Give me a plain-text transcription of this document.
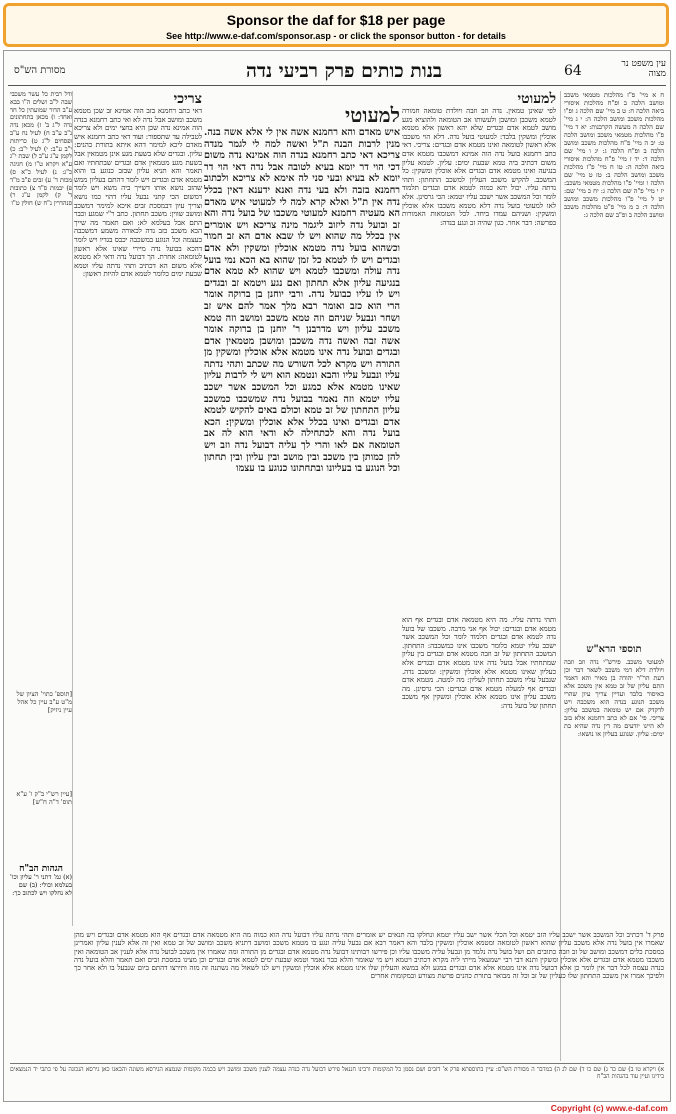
Sponsor the daf for $18 per page
See http://www.e-daf.com/sponsor.asp - or click the sponsor button - for details
מסורת הש"ס	בנות כותים פרק רביעי נדה	64	עין משפט נר מצוה
ח א מיי' פ"ז מהלכות מטמאי משכב ומושב הלכה ב ופ"ח מהלכות איסורי ביאה הלכה ח: ט ב מיי' שם הלכה ג ופ"ו מהלכות משכב ומושב הלכה ה: י ג מיי' שם הלכה ה מעשה הקרבנות: יא ד מיי' פ"ו מהלכות מטמאי משכב ומושב הלכה ט: יב ה מיי' פ"ח מהלכות משכב ומושב הלכה ב ופ"ח הלכה ג: יג ו מיי' שם הלכה ד: יד ז מיי' פ"ח מהלכות איסורי ביאה הלכה ה: טו ח מיי' פ"ז מהלכות משכב ומושב הלכה ב: טז ט מיי' שם הלכה ו ומיי' פ"ו מהלכות מטמאי משכב: יז י מיי' פ"ה שם הלכה ג: יח כ מיי' שם: יט ל מיי' פ"ו מהלכות משכב ומושב הלכה ד: כ מ מיי' פ"ט מהלכות משכב ומושב הלכה ב ופ"ב שם הלכה ג:
למעוטי
לפי שאינן טמאין. נדה וזב וזבה ויולדת טומאה חמורה לטמא משכבן ומושבן ולעשותו אב הטומאה ולהוציא מגע מושב לטמא אדם ובגדים שלא יהא ראשון אלא מטמא אוכלין ומשקין בלבד: למעוטי בועל נדה. דלא הוי משכבו אלא ראשון לטומאה ואינו מטמא אדם ובגדים: צריכי. דאי כתב רחמנא בועל נדה הוה אמינא דמשכבו מטמא אדם משום דכתיב ביה טמא שבעת ימים: עליון. לטמא עליון בנגיעה ואינו מטמא אדם ובגדים אלא אוכלין ומשקין: כל המשכב. להקיש משכב העליון למשכב התחתון: ותהי נדתה עליו. יכול יהא כמוה לטמא אדם ובגדים תלמוד לומר וכל המשכב אשר ישכב עליו יטמא: הכי גרסינן. אלא לאו למעוטי בועל נדה דלא מטמא משכבו אלא אוכלין ומשקין: ושניהם עמדו ביחד. לכל הטומאות האמורות בפרשה: דבר אחר. כגון שהיה זב ונגע בנדה:
ותהי נדתה עליו. מה היא מטמאה אדם ובגדים אף הוא מטמא אדם ובגדים: יכול אף אני מרבה. משכבו של בועל נדה לטמא אדם ובגדים תלמוד לומר וכל המשכב אשר ישכב עליו יטמא כלומר משכבו אינו כמשכבה: התחתון. המשכב התחתון של זב וזבה מטמא אדם ובגדים בין עליון שמתחתיו אבל בועל נדה אינו מטמא אדם ובגדים אלא כעליון שאינו מטמא אלא אוכלין ומשקין: ומשכב נדה. שנבעל עליו משכב תחתון לעליון: מה למטה. מטמא אדם ובגדים אף למעלה מטמא אדם ובגדים: הכי גרסינן. מה משכב עליון אינו מטמא אלא אוכלין ומשקין אף משכב תחתון של בועל נדה:
למעוטי
איש מאדם והא רחמנא אשה אין לי אלא אשה בנה. מנין לרבות הבנה ת"ל ואשה למה לי לגמר מנדה צריכא דאי כתב רחמנא בנדה הוה אמינא נדה משום דכי הוי דר יומא בעיא לטובה אבל נדה דאי הוי דר יומא לא בעיא ובעי סני לה אימא לא צריכא ולכתוב רחמנא בזבה ולא בעי נדה ואנא ידענא דאין בכלל נדה אין ת"ל ואלא קרא למה לי למעוטי איש מאדם הא מעטיה רחמנא למעוטי משכבו של בועל נדה והא זב ובועל נדה ליזוב ליגמר מינה צריכא ויש אומרים אין בכלל מה שהוא ויש לו שבא אדם הא זב חמור וכשהוא בועל נדה מטמא אוכלין ומשקין ולא אדם ובגדים ויש לו לטמא כל זמן שהוא בא הכא נמי בועל נדה עולה ומשכבו לטמא ויש שהוא לא טמא אדם בנגיעה עליון אלא תחתון ואם נגע ויטמא זב ובגדים ויש לו עליו כבועל נדה. ורבי יוחנן בן ברוקה אומר הרי הוא כזב ואומר רבא מלך אמר להם איש זב ושחר ונבעל שניהם וזה טמא משכב ומושב וזה טמא משכב עליון ויש מדרבנן ר' יוחנן בן ברוקה אומר אשה זבה ואשה נדה משכבן ומושבן מטמאין אדם ובגדים ובועל נדה אינו מטמא אלא אוכלין ומשקין מן התורה ויש מקרא לכל השורש מה שכתב ותהי נדתה עליו ונבעל עליו והבא ונטמא הוא ויש לי לרבות עליון שאינו מטמא אלא כמגע וכל המשכב אשר ישכב עליו יטמא וזה נאמר בבועל נדה שמשכבו כמשכב עליון התחתון של זב טמא וכולם באים להקיש לטמא אדם ובגדים ואינו בכלל אלא אוכלין ומשקין: הכא בועל נדה והא לכתחילה לא ודאי הוא לה אב הטומאה אם לאו והרי לך עליה דבועל נדה וזב ויש להן כמותן בין משכב ובין מושב ובין עליון ובין תחתון וכל הנוגע בו בעליונו ובתחתונו כנוגע בו עצמו
צריכי
דאי כתב רחמנא בזב הוה אמינא זב שכן מטמא משכב ומושב אבל נדה לא ואי כתב רחמנא בנדה הוה אמינא נדה שכן היא בחצי ימים ולא צריכא לטבילה עד שתספור: ועוד דאי כתב רחמנא איש מאדם ליכא למימר דהא איתא בתורת כהנים: עליון. ובגדים שלא בשעת מגע אינן מטמאין אבל בשעת מגע מטמאין אדם ובגדים שבתחתיו ואם תאמר והא תניא עליון שבזב כנוגע בו והוא מטמא אדם ובגדים ויש לומר דהתם בעליון ממש שהזב נושא אותו דשייך ביה משא ויש לומר דמשום הכי קתני נבעל עליו דהוי כמו נושא וצריך עיון דבמסכת זבים איכא למימר דמשכב ומושב שווין: משכב תחתון. כתב ר"י שמגע וכבר התם אבל בעלמא לא: ואם תאמר מה שייך הכא משכב כזב נדה לכאורה משמע דמשכבה כעצמה וכל הנוגע במשכבה יכבס בגדיו ויש לומר דהכא בבועל נדה מיירי שאינו אלא ראשון לטומאה: אחרת. הך דבועל נדה ודאי לא מטמא אלא משום הא דכתיב ותהי נדתה עליו וטמא שבעת ימים כלומר לטמא אדם להיות ראשון:
ודל רבית כל עשר משכבי שבה ל"ב ושלים ה"ו בבא ע"ב הדור שמועתין כל חד ואחד: ו) מכאן בתחתונים נדה ל"ג ב' ז) מכאן נדה נ"ב ע"ב ח) לעיל נח ע"ב ופסחים ל"ג ט) כריתות י"ב ע"ב: י) לעיל י"ב: כ) לקמן ע"ג ע"ב ל) שבת י"ג ע"א ויקרא ט"ו מ) חגיגה כ"ג: נ) לעיל כ"א ס) מכות ד' ע) זבים פ"ב מ"ד פ) יבמות ס"ד צ) כתובות ד' ק) לקמן ע"ג ר) סנהדרין נ"ח ש) חולין ט"ו
[תוספ' כתוי' הציון של מ"ט ע"ב עיין כל אהל עיין ניזיק]
[עיין רש"י ב"ק ו' ע"א תוס' ד"ה ח"ש]
הגהות הב"ח
(א) גמ' דתני ר' עליון וכו' בעלמא וכולי: (ב) שם לא נחלקו ויש לכתוב כך:
תוספי הרא"ש
למעוטי משכב. פירש"י נדה וזב וזבה ויולדת דלא דמי משכב לשאר דבר וכן דעת הר"ר יהודה בן מאיר והא דאמר התם עליון של זב טמא אין משכב אלא כאיסור בלבד ועדיין צריך עיון שהרי משכב הנוגע בנדה הוא משכבה ויש לדקדק אם יש טומאה במשכב עליון: צריכי. פי' אם לא כתב רחמנא אלא בזב לא היינו יודעים מה דין נדה שהיא בת ימים: עליון. שנוגע בעליון או נושאו:
פרק ד' דכתיב וכל המשכב אשר ישכב עליו הזב יטמא וכל הכלי אשר ישב עליו יטמא ונחלקו בה תנאים יש אומרים ותהי נדתה עליו דבועל נדה הוא כמוה מה היא מטמאה אדם ובגדים אף הוא מטמא אדם ובגדים ויש מהן שאמרו אין בועל נדה אלא משכב עליון שהוא ראשון לטומאה ומטמא אוכלין ומשקין בלבד והא דאמר רבא אם נבעל עליה ונגע בו מטמא משכב ומושב דתניא משכב ומושב של זב טמא ואין זה אלא לענין עליון ואמרינן במסכת כלים דמשכב ומושב של זב וזבה כתובים הם ושל בועל נדה נלמד מן ונבעל עליה משכבו עליו וכן פירשו רבותינו דבועל נדה מטמא אדם ובגדים מן התורה ומה שאמרו אין משכב לבועל נדה אלא לענין אב הטומאה ואין משכבו מטמא אדם ובגדים אלא אוכלין ומשקין ותנא דבי רבי ישמעאל מייתי ליה מקרא דכתיב ויטמא ויש מי שאומר והלא כבר נאמר וטמא שבעת ימים לטמא אדם ובגדים וכן מצינו במסכת זבים ואם תאמר והלא בועל נדה כנדה עצמה לכל דבר אין לומר כן אלא דבועל נדה אינו מטמא אלא אדם ובגדים במגע ולא במשא והעליון שלו אינו מטמא אלא אוכלין ומשקין ויש לנו לשאול מה נשתנה זה מזה ותירצו דהתם ביום שנבעל בו ולא אחר כך ולפיכך אמרו אין משכב התחתון שלו כעליון של זב וכל זה מבואר בתורת כהנים פרשת מצורע ובמקומות אחרים
א) ויקרא טו ב) שם כד ג) שם כו ד) שם לג ה) במדבר ה מסורת הש"ס: עיין בתוספתא פרק א' דזבים ושם נסמן כל המקומות ורבינו חננאל פירש דבועל נדה כנדה עצמה לענין משכב ומושב ויש בכמה מקומות שנמצא הגירסא משונה והבאנו כאן גירסא הנכונה על פי כתבי יד הנמצאים בידינו ועיין עוד בהגהות הב"ח
Copyright (c) www.e-daf.com
